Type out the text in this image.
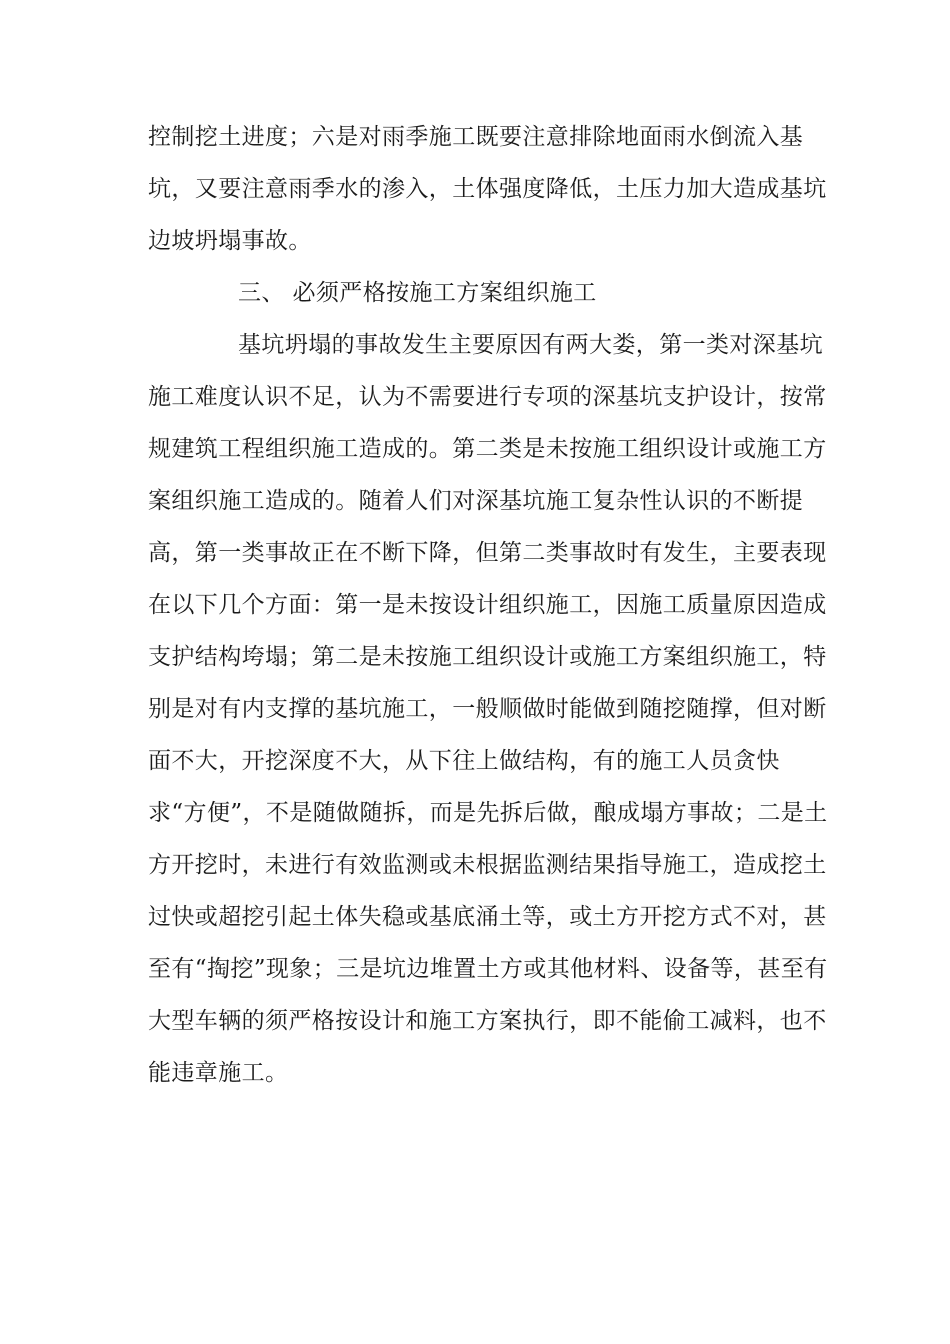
控制挖土进度；六是对雨季施工既要注意排除地面雨水倒流入基
坑，又要注意雨季水的渗入，土体强度降低，土压力加大造成基坑
边坡坍塌事故。
三、 必须严格按施工方案组织施工
基坑坍塌的事故发生主要原因有两大娄，第一类对深基坑
施工难度认识不足，认为不需要进行专项的深基坑支护设计，按常
规建筑工程组织施工造成的。第二类是未按施工组织设计或施工方
案组织施工造成的。随着人们对深基坑施工复杂性认识的不断提
高，第一类事故正在不断下降，但第二类事故时有发生，主要表现
在以下几个方面：第一是未按设计组织施工，因施工质量原因造成
支护结构垮塌；第二是未按施工组织设计或施工方案组织施工，特
别是对有内支撑的基坑施工，一般顺做时能做到随挖随撑，但对断
面不大，开挖深度不大，从下往上做结构，有的施工人员贪快
求“方便”，不是随做随拆，而是先拆后做，酿成塌方事故；二是土
方开挖时，未进行有效监测或未根据监测结果指导施工，造成挖土
过快或超挖引起土体失稳或基底涌土等，或土方开挖方式不对，甚
至有“掏挖”现象；三是坑边堆置土方或其他材料、设备等，甚至有
大型车辆的须严格按设计和施工方案执行，即不能偷工减料，也不
能违章施工。
